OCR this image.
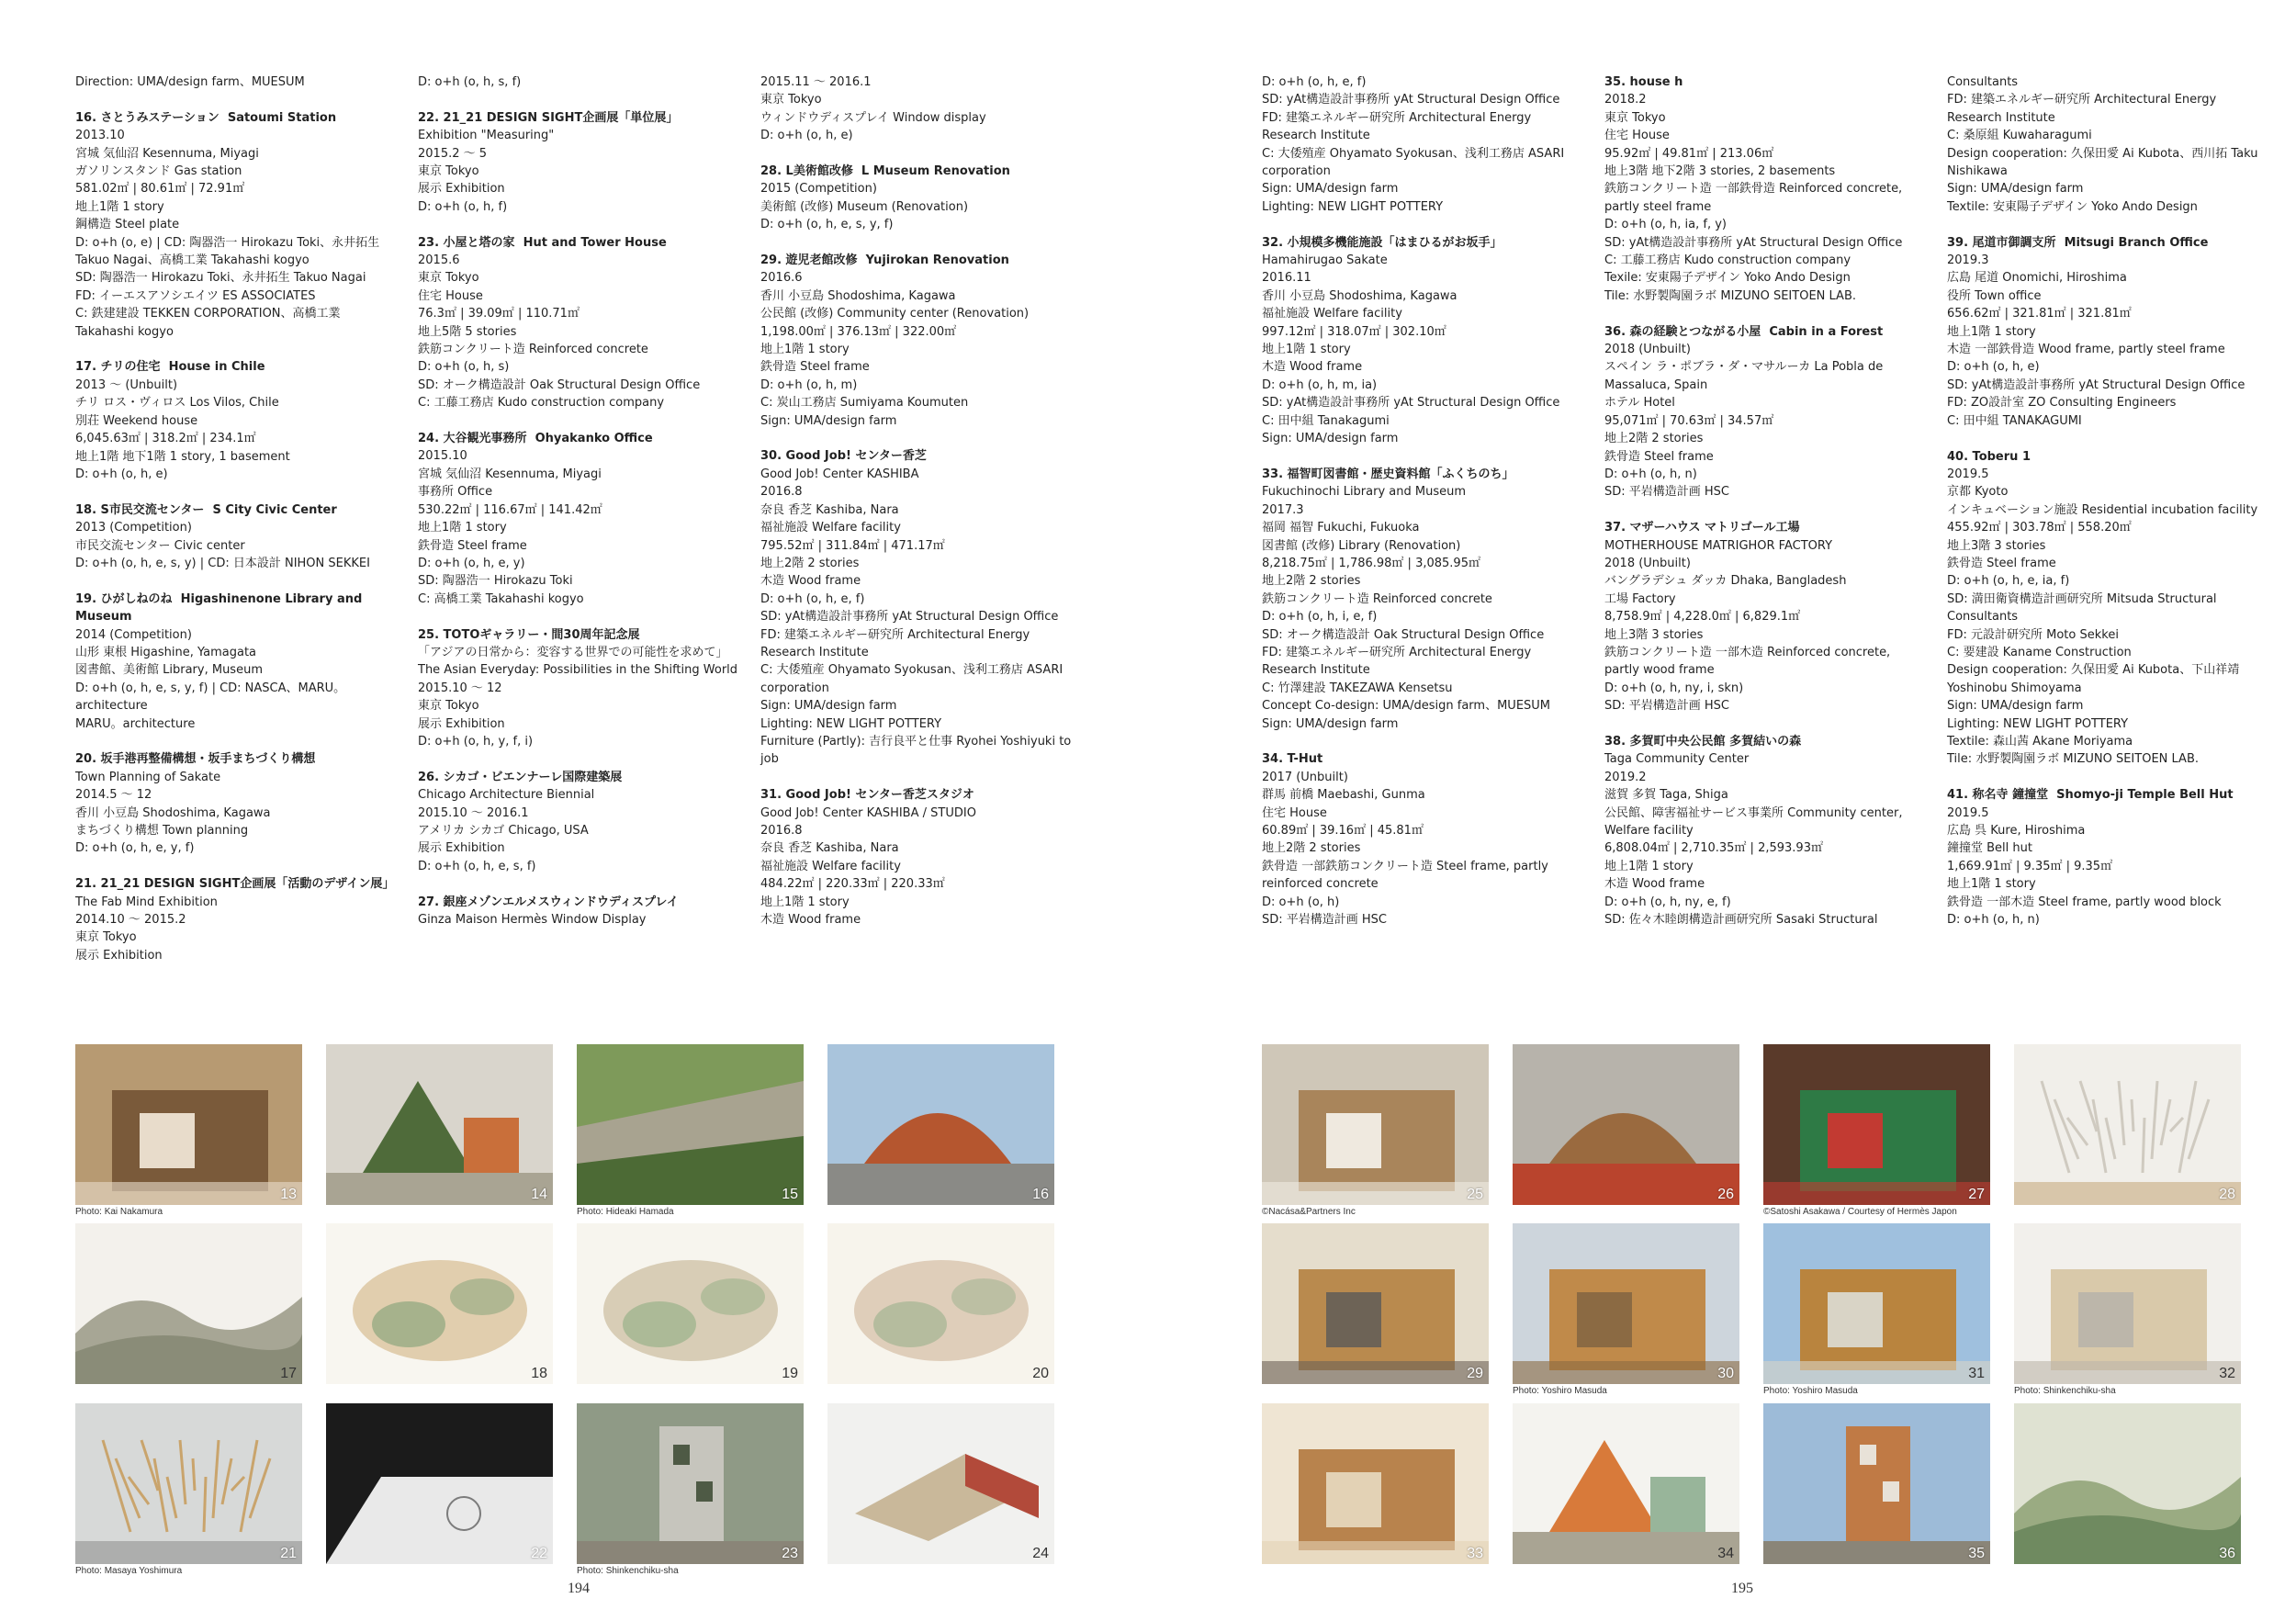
Direction: UMA/design farm、MUESUM
16. さとうみステーション  Satoumi Station
2013.10
宮城 気仙沼 Kesennuma, Miyagi
ガソリンスタンド Gas station
581.02㎡ | 80.61㎡ | 72.91㎡
地上1階 1 story
鋼構造 Steel plate
D: o+h (o, e) | CD: 陶器浩一 Hirokazu Toki、永井拓生
Takuo Nagai、高橋工業 Takahashi kogyo
SD: 陶器浩一 Hirokazu Toki、永井拓生 Takuo Nagai
FD: イーエスアソシエイツ ES ASSOCIATES
C: 鉄建建設 TEKKEN CORPORATION、高橋工業
Takahashi kogyo
17. チリの住宅  House in Chile
2013 〜 (Unbuilt)
チリ ロス・ヴィロス Los Vilos, Chile
別荘 Weekend house
6,045.63㎡ | 318.2㎡ | 234.1㎡
地上1階 地下1階 1 story, 1 basement
D: o+h (o, h, e)
18. S市民交流センター  S City Civic Center
2013 (Competition)
市民交流センター Civic center
D: o+h (o, h, e, s, y) | CD: 日本設計 NIHON SEKKEI
19. ひがしねのね  Higashinenone Library and Museum
2014 (Competition)
山形 東根 Higashine, Yamagata
図書館、美術館 Library, Museum
D: o+h (o, h, e, s, y, f) | CD: NASCA、MARU。architecture
MARU。architecture
20. 坂手港再整備構想・坂手まちづくり構想
Town Planning of Sakate
2014.5 〜 12
香川 小豆島 Shodoshima, Kagawa
まちづくり構想 Town planning
D: o+h (o, h, e, y, f)
21. 21_21 DESIGN SIGHT企画展「活動のデザイン展」
The Fab Mind Exhibition
2014.10 〜 2015.2
東京 Tokyo
展示 Exhibition
D: o+h (o, h, s, f)
22. 21_21 DESIGN SIGHT企画展「単位展」
Exhibition "Measuring"
2015.2 〜 5
東京 Tokyo
展示 Exhibition
D: o+h (o, h, f)
23. 小屋と塔の家  Hut and Tower House
2015.6
東京 Tokyo
住宅 House
76.3㎡ | 39.09㎡ | 110.71㎡
地上5階 5 stories
鉄筋コンクリート造 Reinforced concrete
D: o+h (o, h, s)
SD: オーク構造設計 Oak Structural Design Office
C: 工藤工務店 Kudo construction company
24. 大谷観光事務所  Ohyakanko Office
2015.10
宮城 気仙沼 Kesennuma, Miyagi
事務所 Office
530.22㎡ | 116.67㎡ | 141.42㎡
地上1階 1 story
鉄骨造 Steel frame
D: o+h (o, h, e, y)
SD: 陶器浩一 Hirokazu Toki
C: 高橋工業 Takahashi kogyo
25. TOTOギャラリー・間30周年記念展
「アジアの日常から：変容する世界での可能性を求めて」
The Asian Everyday: Possibilities in the Shifting World
2015.10 〜 12
東京 Tokyo
展示 Exhibition
D: o+h (o, h, y, f, i)
26. シカゴ・ビエンナーレ国際建築展
Chicago Architecture Biennial
2015.10 〜 2016.1
アメリカ シカゴ Chicago, USA
展示 Exhibition
D: o+h (o, h, e, s, f)
27. 銀座メゾンエルメスウィンドウディスプレイ
Ginza Maison Hermès Window Display
2015.11 〜 2016.1
東京 Tokyo
ウィンドウディスプレイ Window display
D: o+h (o, h, e)
28. L美術館改修  L Museum Renovation
2015 (Competition)
美術館 (改修) Museum (Renovation)
D: o+h (o, h, e, s, y, f)
29. 遊児老館改修  Yujirokan Renovation
2016.6
香川 小豆島 Shodoshima, Kagawa
公民館 (改修) Community center (Renovation)
1,198.00㎡ | 376.13㎡ | 322.00㎡
地上1階 1 story
鉄骨造 Steel frame
D: o+h (o, h, m)
C: 炭山工務店 Sumiyama Koumuten
Sign: UMA/design farm
30. Good Job! センター香芝
Good Job! Center KASHIBA
2016.8
奈良 香芝 Kashiba, Nara
福祉施設 Welfare facility
795.52㎡ | 311.84㎡ | 471.17㎡
地上2階 2 stories
木造 Wood frame
D: o+h (o, h, e, f)
SD: yAt構造設計事務所 yAt Structural Design Office
FD: 建築エネルギー研究所 Architectural Energy
Research Institute
C: 大倭殖産 Ohyamato Syokusan、浅利工務店 ASARI
corporation
Sign: UMA/design farm
Lighting: NEW LIGHT POTTERY
Furniture (Partly): 吉行良平と仕事 Ryohei Yoshiyuki to
job
31. Good Job! センター香芝スタジオ
Good Job! Center KASHIBA / STUDIO
2016.8
奈良 香芝 Kashiba, Nara
福祉施設 Welfare facility
484.22㎡ | 220.33㎡ | 220.33㎡
地上1階 1 story
木造 Wood frame
194
D: o+h (o, h, e, f)
SD: yAt構造設計事務所 yAt Structural Design Office
FD: 建築エネルギー研究所 Architectural Energy
Research Institute
C: 大倭殖産 Ohyamato Syokusan、浅利工務店 ASARI
corporation
Sign: UMA/design farm
Lighting: NEW LIGHT POTTERY
32. 小規模多機能施設「はまひるがお坂手」
Hamahirugao Sakate
2016.11
香川 小豆島 Shodoshima, Kagawa
福祉施設 Welfare facility
997.12㎡ | 318.07㎡ | 302.10㎡
地上1階 1 story
木造 Wood frame
D: o+h (o, h, m, ia)
SD: yAt構造設計事務所 yAt Structural Design Office
C: 田中組 Tanakagumi
Sign: UMA/design farm
33. 福智町図書館・歴史資料館「ふくちのち」
Fukuchinochi Library and Museum
2017.3
福岡 福智 Fukuchi, Fukuoka
図書館 (改修) Library (Renovation)
8,218.75㎡ | 1,786.98㎡ | 3,085.95㎡
地上2階 2 stories
鉄筋コンクリート造 Reinforced concrete
D: o+h (o, h, i, e, f)
SD: オーク構造設計 Oak Structural Design Office
FD: 建築エネルギー研究所 Architectural Energy
Research Institute
C: 竹澤建設 TAKEZAWA Kensetsu
Concept Co-design: UMA/design farm、MUESUM
Sign: UMA/design farm
34. T-Hut
2017 (Unbuilt)
群馬 前橋 Maebashi, Gunma
住宅 House
60.89㎡ | 39.16㎡ | 45.81㎡
地上2階 2 stories
鉄骨造 一部鉄筋コンクリート造 Steel frame, partly
reinforced concrete
D: o+h (o, h)
SD: 平岩構造計画 HSC
35. house h
2018.2
東京 Tokyo
住宅 House
95.92㎡ | 49.81㎡ | 213.06㎡
地上3階 地下2階 3 stories, 2 basements
鉄筋コンクリート造 一部鉄骨造 Reinforced concrete,
partly steel frame
D: o+h (o, h, ia, f, y)
SD: yAt構造設計事務所 yAt Structural Design Office
C: 工藤工務店 Kudo construction company
Texile: 安東陽子デザイン Yoko Ando Design
Tile: 水野製陶園ラボ MIZUNO SEITOEN LAB.
36. 森の経験とつながる小屋  Cabin in a Forest
2018 (Unbuilt)
スペイン ラ・ポブラ・ダ・マサルーカ La Pobla de
Massaluca, Spain
ホテル Hotel
95,071㎡ | 70.63㎡ | 34.57㎡
地上2階 2 stories
鉄骨造 Steel frame
D: o+h (o, h, n)
SD: 平岩構造計画 HSC
37. マザーハウス マトリゴール工場
MOTHERHOUSE MATRIGHOR FACTORY
2018 (Unbuilt)
バングラデシュ ダッカ Dhaka, Bangladesh
工場 Factory
8,758.9㎡ | 4,228.0㎡ | 6,829.1㎡
地上3階 3 stories
鉄筋コンクリート造 一部木造 Reinforced concrete,
partly wood frame
D: o+h (o, h, ny, i, skn)
SD: 平岩構造計画 HSC
38. 多賀町中央公民館 多賀結いの森
Taga Community Center
2019.2
滋賀 多賀 Taga, Shiga
公民館、障害福祉サービス事業所 Community center,
Welfare facility
6,808.04㎡ | 2,710.35㎡ | 2,593.93㎡
地上1階 1 story
木造 Wood frame
D: o+h (o, h, ny, e, f)
SD: 佐々木睦朗構造計画研究所 Sasaki Structural
Consultants
FD: 建築エネルギー研究所 Architectural Energy
Research Institute
C: 桑原組 Kuwaharagumi
Design cooperation: 久保田愛 Ai Kubota、西川拓 Taku
Nishikawa
Sign: UMA/design farm
Textile: 安東陽子デザイン Yoko Ando Design
39. 尾道市御調支所  Mitsugi Branch Office
2019.3
広島 尾道 Onomichi, Hiroshima
役所 Town office
656.62㎡ | 321.81㎡ | 321.81㎡
地上1階 1 story
木造 一部鉄骨造 Wood frame, partly steel frame
D: o+h (o, h, e)
SD: yAt構造設計事務所 yAt Structural Design Office
FD: ZO設計室 ZO Consulting Engineers
C: 田中組 TANAKAGUMI
40. Toberu 1
2019.5
京都 Kyoto
インキュベーション施設 Residential incubation facility
455.92㎡ | 303.78㎡ | 558.20㎡
地上3階 3 stories
鉄骨造 Steel frame
D: o+h (o, h, e, ia, f)
SD: 満田衛資構造計画研究所 Mitsuda Structural
Consultants
FD: 元設計研究所 Moto Sekkei
C: 要建設 Kaname Construction
Design cooperation: 久保田愛 Ai Kubota、下山祥靖
Yoshinobu Shimoyama
Sign: UMA/design farm
Lighting: NEW LIGHT POTTERY
Textile: 森山茜 Akane Moriyama
Tile: 水野製陶園ラボ MIZUNO SEITOEN LAB.
41. 称名寺 鐘撞堂  Shomyo-ji Temple Bell Hut
2019.5
広島 呉 Kure, Hiroshima
鐘撞堂 Bell hut
1,669.91㎡ | 9.35㎡ | 9.35㎡
地上1階 1 story
鉄骨造 一部木造 Steel frame, partly wood block
D: o+h (o, h, n)
195
13	14	15	16
17	18	19	20
21	22	23	24
25	26	27	28
29	30	31	32
33	34	35	36
Photo: Kai Nakamura	Photo: Hideaki Hamada
Photo: Masaya Yoshimura	Photo: Shinkenchiku-sha
©Nacása&Partners Inc	©Satoshi Asakawa / Courtesy of Hermès Japon
Photo: Yoshiro Masuda	Photo: Yoshiro Masuda	Photo: Shinkenchiku-sha
